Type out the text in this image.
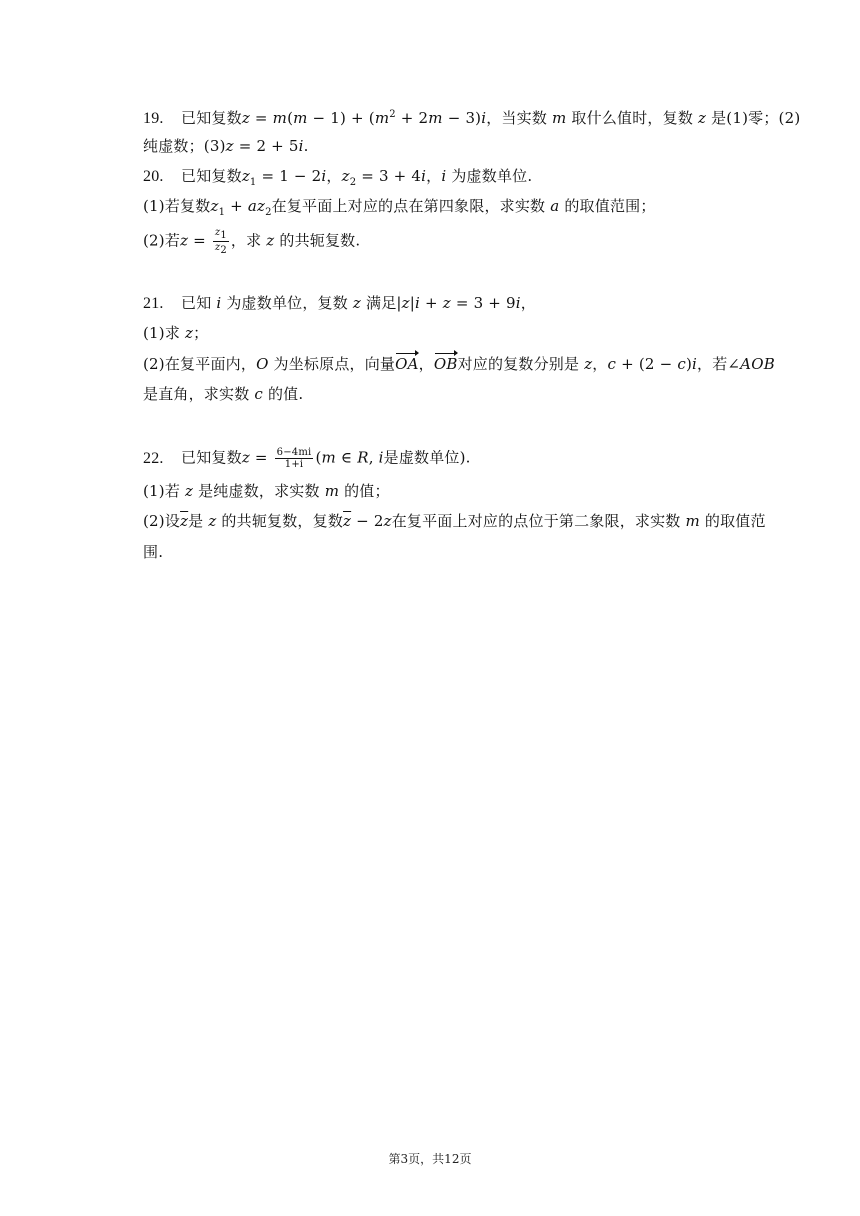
19. 已知复数$z = m(m - 1) + (m^2 + 2m - 3)i$，当实数 m 取什么值时，复数 z 是(1)零；(2)
纯虚数；(3)z = 2 + 5i.
20. 已知复数$z_1 = 1 - 2i$，$z_2 = 3 + 4i$，i 为虚数单位.
(1)若复数$z_1 + az_2$在复平面上对应的点在第四象限，求实数 a 的取值范围；
(2)若$z = \frac{z_1}{z_2}$ ，求 z 的共轭复数.
21. 已知 i 为虚数单位，复数 z 满足|z|i + z = 3 + 9i，
(1)求 z；
(2)在复平面内，O 为坐标原点，向量OA，OB对应的复数分别是 z，c + (2 − c)i，若∠AOB
是直角，求实数 c 的值.
22. 已知复数$z = \frac{6-4mi}{1+i} (m$ ∈ R, i是虚数单位).
(1)若 z 是纯虚数，求实数 m 的值；
(2)设$\overline{z}$是 z 的共轭复数，复数$\overline{z} - 2z$在复平面上对应的点位于第二象限，求实数 m 的取值范
围.
第3页，共12页
